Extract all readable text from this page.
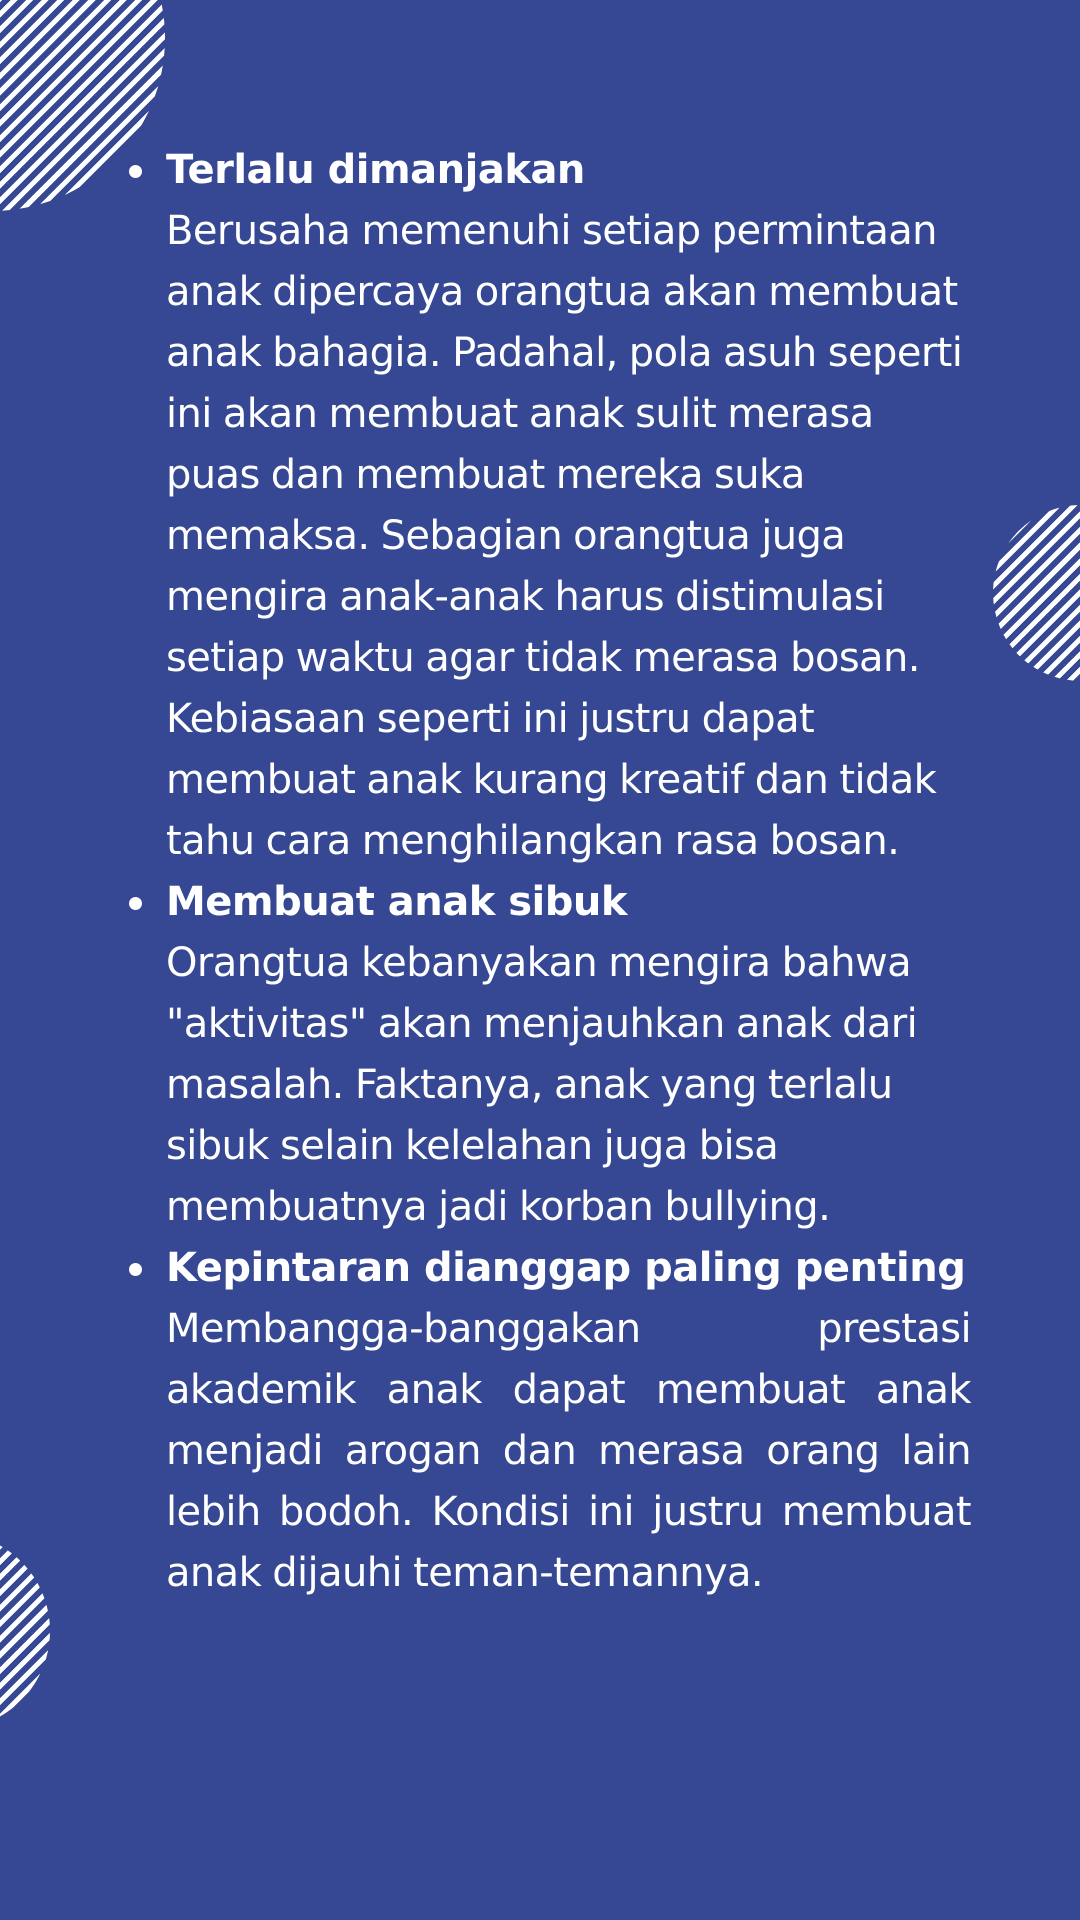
Terlalu dimanjakan

Berusaha memenuhi setiap permintaan anak dipercaya orangtua akan membuat anak bahagia. Padahal, pola asuh seperti ini akan membuat anak sulit merasa puas dan membuat mereka suka memaksa. Sebagian orangtua juga mengira anak-anak harus distimulasi setiap waktu agar tidak merasa bosan. Kebiasaan seperti ini justru dapat membuat anak kurang kreatif dan tidak tahu cara menghilangkan rasa bosan.

Membuat anak sibuk

Orangtua kebanyakan mengira bahwa "aktivitas" akan menjauhkan anak dari masalah. Faktanya, anak yang terlalu sibuk selain kelelahan juga bisa membuatnya jadi korban bullying.

Kepintaran dianggap paling penting

Membangga-banggakan prestasi akademik anak dapat membuat anak menjadi arogan dan merasa orang lain lebih bodoh. Kondisi ini justru membuat anak dijauhi teman-temannya.
